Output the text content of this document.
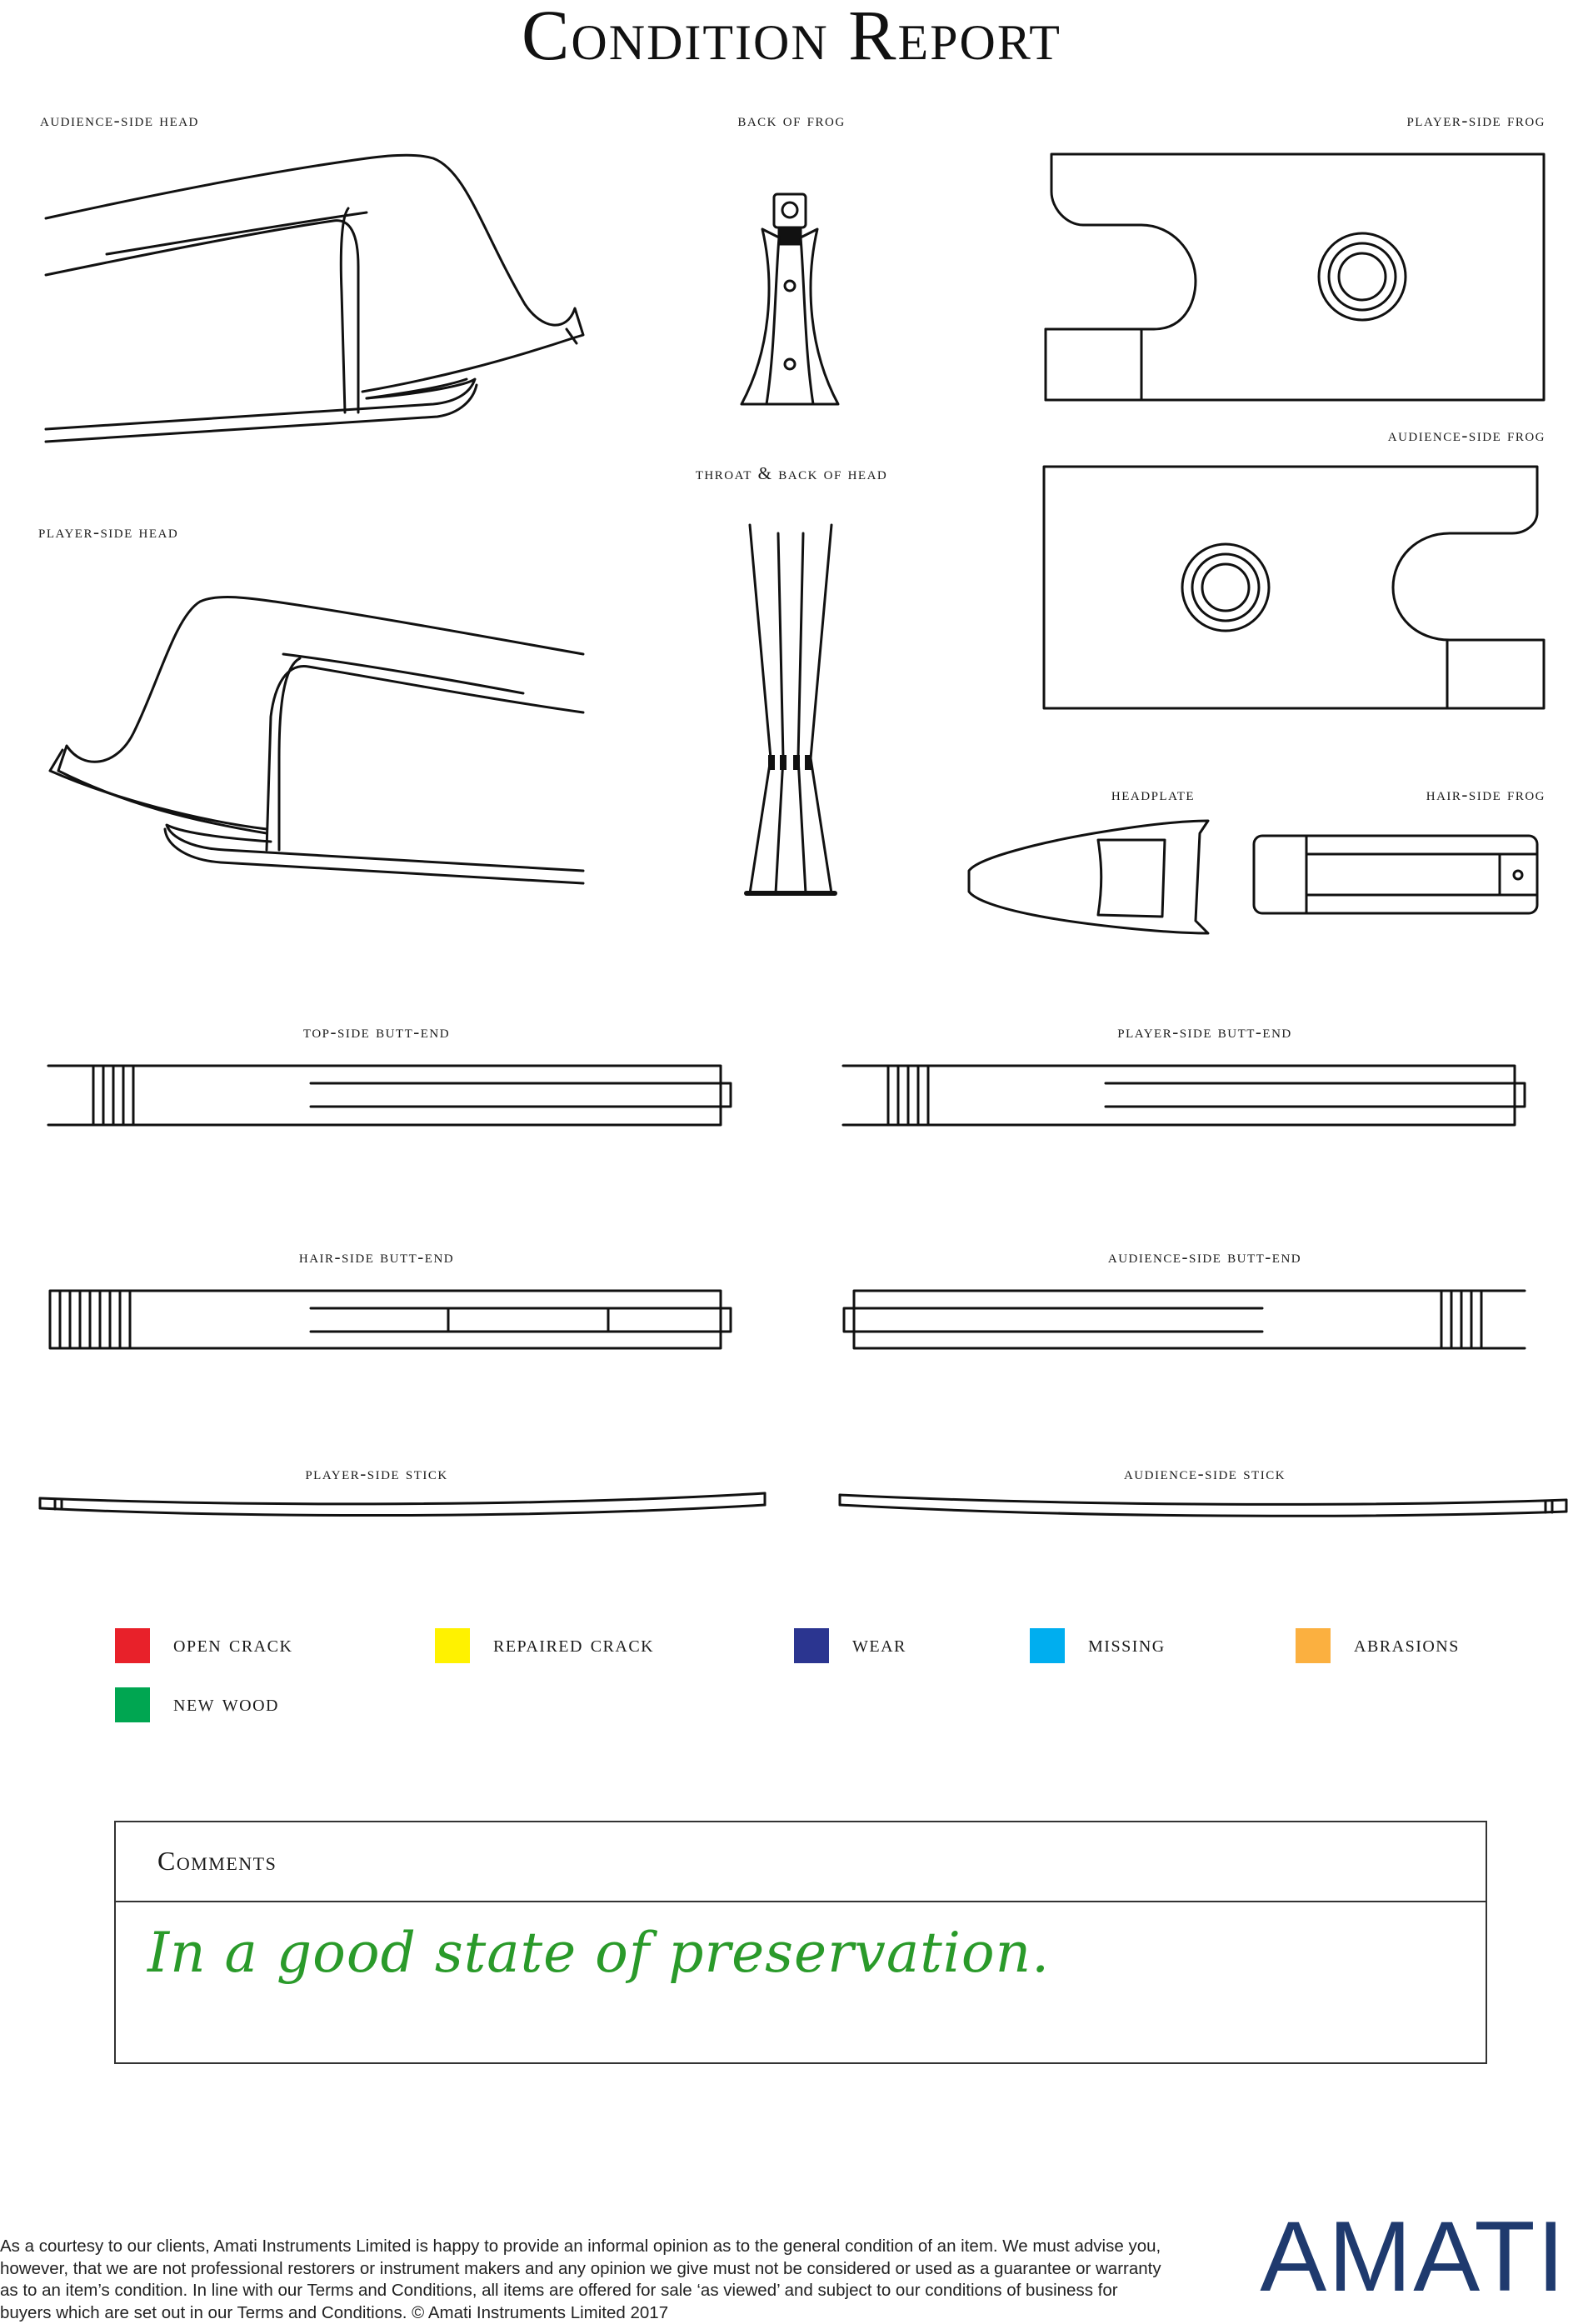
Condition Report
audience-side head	back of frog	player-side frog
audience-side frog
throat & back of head
player-side head
headplate	hair-side frog
top-side butt-end	player-side butt-end
hair-side butt-end	audience-side butt-end
player-side stick	audience-side stick
open crack	repaired crack	wear	missing	abrasions
new wood
Comments
In a good state of preservation.
As a courtesy to our clients, Amati Instruments Limited is happy to provide an informal opinion as to the general condition of an item. We must advise you, however, that we are not professional restorers or instrument makers and any opinion we give must not be considered or used as a guarantee or warranty as to an item’s condition. In line with our Terms and Conditions, all items are offered for sale ‘as viewed’ and subject to our conditions of business for buyers which are set out in our Terms and Conditions. © Amati Instruments Limited 2017	AMATI
